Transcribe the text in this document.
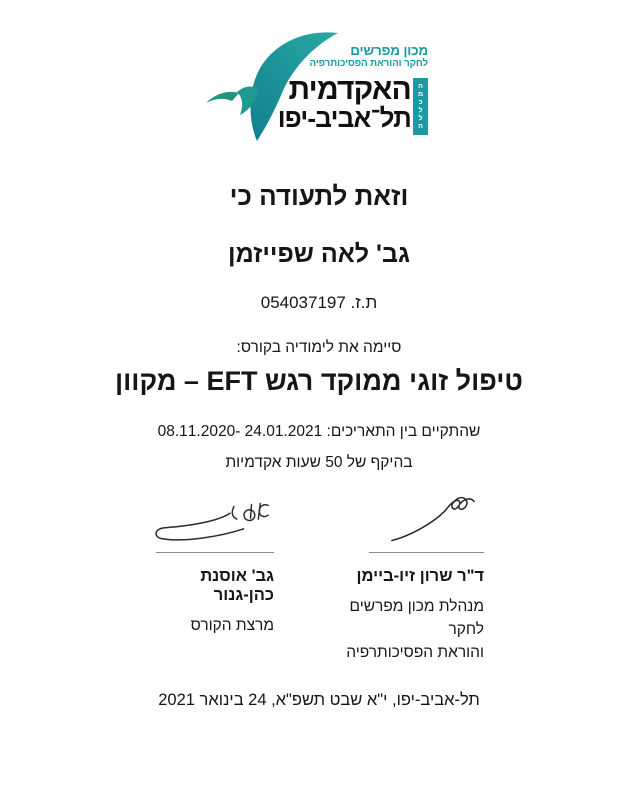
מכון מפרשים
לחקר והוראת הפסיכותרפיה
ה
מ
כ
ל
ל
ה
האקדמית
תל־אביב-יפו
וזאת לתעודה כי
גב' לאה שפייזמן
ת.ז. 054037197
סיימה את לימודיה בקורס:
טיפול זוגי ממוקד רגש EFT – מקוון
שהתקיים בין התאריכים: 24.01.2021 -08.11.2020
בהיקף של 50 שעות אקדמיות
ד"ר שרון זיו-ביימן
מנהלת מכון מפרשים לחקר
והוראת הפסיכותרפיה
גב' אוסנת כהן-גנור
מרצת הקורס
תל-אביב-יפו, י"א שבט תשפ"א, 24 בינואר 2021
